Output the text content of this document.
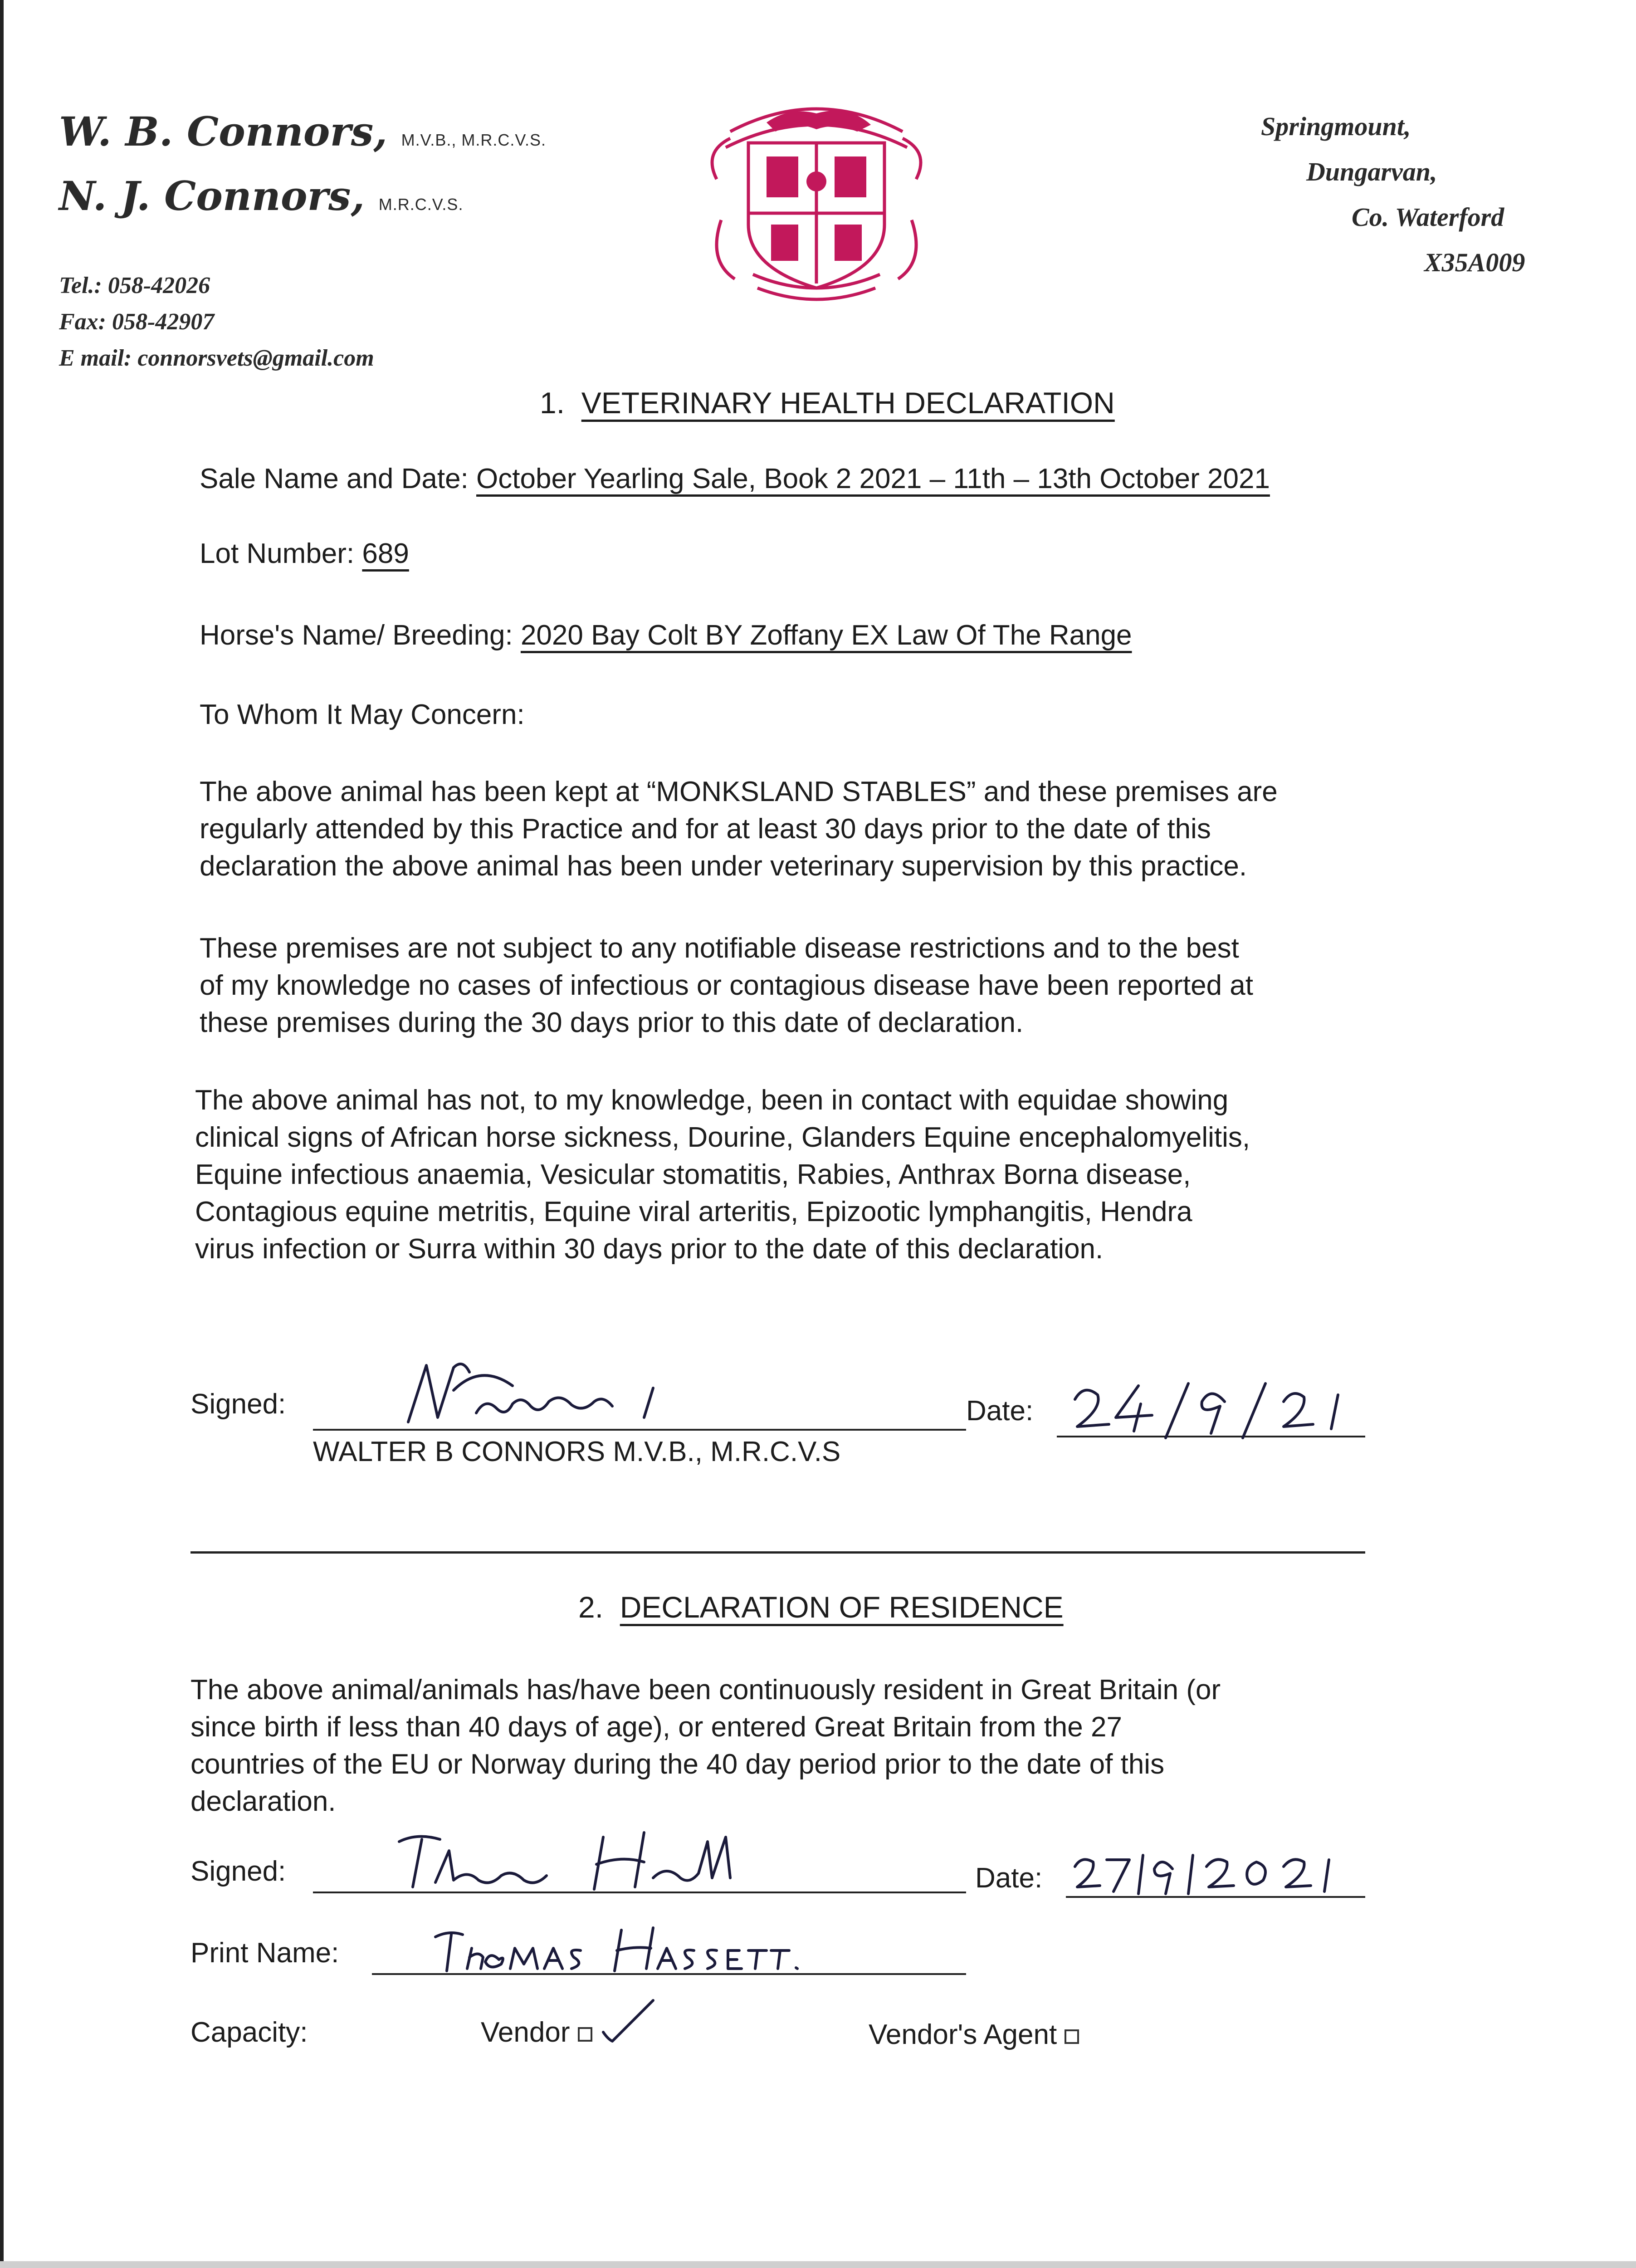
W. B. Connors, M.V.B., M.R.C.V.S.
N. J. Connors, M.R.C.V.S.
Tel.: 058-42026
Fax: 058-42907
E mail: connorsvets@gmail.com
Springmount,
Dungarvan,
Co. Waterford
X35A009
1. VETERINARY HEALTH DECLARATION
Sale Name and Date: October Yearling Sale, Book 2 2021 – 11th – 13th October 2021
Lot Number: 689
Horse's Name/ Breeding: 2020 Bay Colt BY Zoffany EX Law Of The Range
To Whom It May Concern:
The above animal has been kept at “MONKSLAND STABLES” and these premises are
regularly attended by this Practice and for at least 30 days prior to the date of this
declaration the above animal has been under veterinary supervision by this practice.
These premises are not subject to any notifiable disease restrictions and to the best
of my knowledge no cases of infectious or contagious disease have been reported at
these premises during the 30 days prior to this date of declaration.
The above animal has not, to my knowledge, been in contact with equidae showing
clinical signs of African horse sickness, Dourine, Glanders Equine encephalomyelitis,
Equine infectious anaemia, Vesicular stomatitis, Rabies, Anthrax Borna disease,
Contagious equine metritis, Equine viral arteritis, Epizootic lymphangitis, Hendra
virus infection or Surra within 30 days prior to the date of this declaration.
Signed:	Date:
WALTER B CONNORS M.V.B., M.R.C.V.S
2. DECLARATION OF RESIDENCE
The above animal/animals has/have been continuously resident in Great Britain (or
since birth if less than 40 days of age), or entered Great Britain from the 27
countries of the EU or Norway during the 40 day period prior to the date of this
declaration.
Signed:	Date:
Print Name:
Capacity:	Vendor	Vendor's Agent
